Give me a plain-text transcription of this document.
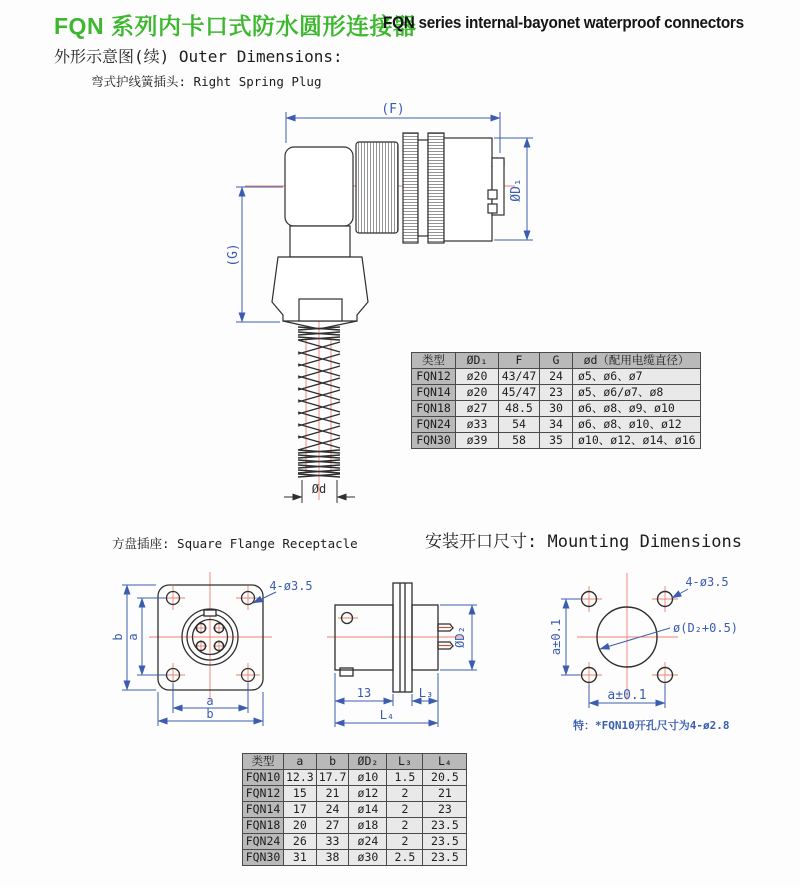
FQN 系列内卡口式防水圆形连接器
FQN series internal-bayonet waterproof connectors
外形示意图(续) Outer Dimensions:
弯式护线簧插头: Right Spring Plug
(F)
ØD₁
(G)
Ød
类型	ØD₁	F	G	ød（配用电缆直径）
FQN12	ø20	43/47	24	ø5、ø6、ø7
FQN14	ø20	45/47	23	ø5、ø6/ø7、ø8
FQN18	ø27	48.5	30	ø6、ø8、ø9、ø10
FQN24	ø33	54	34	ø6、ø8、ø10、ø12
FQN30	ø39	58	35	ø10、ø12、ø14、ø16
方盘插座: Square Flange Receptacle	安装开口尺寸: Mounting Dimensions
4-ø3.5
b a
a
b
ØD₂
13	L₃
L₄
4-ø3.5
ø(D₂+0.5)
a±0.1
a±0.1
特：*FQN10开孔尺寸为4-ø2.8
类型	a	b	ØD₂	L₃	L₄
FQN10	12.3	17.7	ø10	1.5	20.5
FQN12	15	21	ø12	2	21
FQN14	17	24	ø14	2	23
FQN18	20	27	ø18	2	23.5
FQN24	26	33	ø24	2	23.5
FQN30	31	38	ø30	2.5	23.5
